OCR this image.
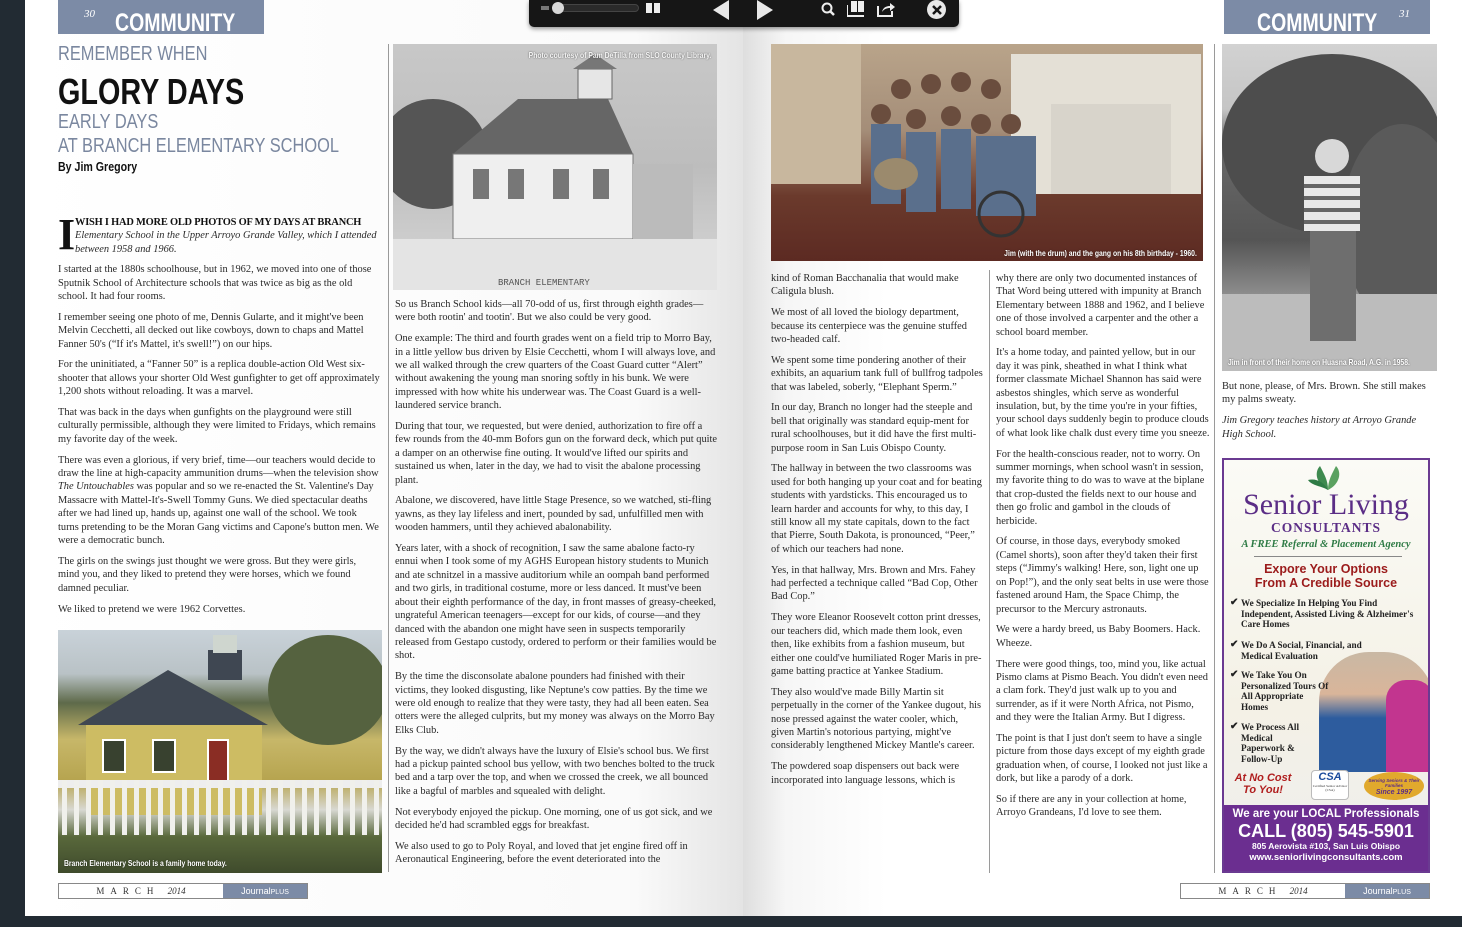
30 COMMUNITY
REMEMBER WHEN
GLORY DAYS
EARLY DAYS
AT BRANCH ELEMENTARY SCHOOL
By Jim Gregory
I WISH I HAD MORE OLD PHOTOS OF MY DAYS AT BRANCH Elementary School in the Upper Arroyo Grande Valley, which I attended between 1958 and 1966.

I started at the 1880s schoolhouse, but in 1962, we moved into one of those Sputnik School of Architecture schools that was twice as big as the old school. It had four rooms.

I remember seeing one photo of me, Dennis Gularte, and it might've been Melvin Cecchetti, all decked out like cowboys, down to chaps and Mattel Fanner 50's (“If it's Mattel, it's swell!”) on our hips.

For the uninitiated, a “Fanner 50” is a replica double-action Old West six-shooter that allows your shorter Old West gunfighter to get off approximately 1,200 shots without reloading. It was a marvel.

That was back in the days when gunfights on the playground were still culturally permissible, although they were limited to Fridays, which remains my favorite day of the week.

There was even a glorious, if very brief, time—our teachers would decide to draw the line at high-capacity ammunition drums—when the television show The Untouchables was popular and so we re-enacted the St. Valentine's Day Massacre with Mattel-It's-Swell Tommy Guns. We died spectacular deaths after we had lined up, hands up, against one wall of the school. We took turns pretending to be the Moran Gang victims and Capone's button men. We were a democratic bunch.

The girls on the swings just thought we were gross. But they were girls, mind you, and they liked to pretend they were horses, which we found damned peculiar.

We liked to pretend we were 1962 Corvettes.

Branch Elementary School is a family home today.
Photo courtesy of Pam DeTilla from SLO County Library.
BRANCH ELEMENTARY

So us Branch School kids—all 70-odd of us, first through eighth grades—were both rootin' and tootin'. But we also could be very good.

One example: The third and fourth grades went on a field trip to Morro Bay, in a little yellow bus driven by Elsie Cecchetti, whom I will always love, and we all walked through the crew quarters of the Coast Guard cutter “Alert” without awakening the young man snoring softly in his bunk. We were impressed with how white his underwear was. The Coast Guard is a well-laundered service branch.

During that tour, we requested, but were denied, authorization to fire off a few rounds from the 40-mm Bofors gun on the forward deck, which put quite a damper on an otherwise fine outing. It would've lifted our spirits and sustained us when, later in the day, we had to visit the abalone processing plant.

Abalone, we discovered, have little Stage Presence, so we watched, sti-fling yawns, as they lay lifeless and inert, pounded by sad, unfulfilled men with wooden hammers, until they achieved abalonability.

Years later, with a shock of recognition, I saw the same abalone facto-ry ennui when I took some of my AGHS European history students to Munich and ate schnitzel in a massive auditorium while an oompah band performed and two girls, in traditional costume, more or less danced. It must've been about their eighth performance of the day, in front masses of greasy-cheeked, ungrateful American teenagers—except for our kids, of course—and they danced with the abandon one might have seen in suspects temporarily released from Gestapo custody, ordered to perform or their families would be shot.

By the time the disconsolate abalone pounders had finished with their victims, they looked disgusting, like Neptune's cow patties. By the time we were old enough to realize that they were tasty, they had all been eaten. Sea otters were the alleged culprits, but my money was always on the Morro Bay Elks Club.

By the way, we didn't always have the luxury of Elsie's school bus. We first had a pickup painted school bus yellow, with two benches bolted to the truck bed and a tarp over the top, and when we crossed the creek, we all bounced like a bagful of marbles and squealed with delight.

Not everybody enjoyed the pickup. One morning, one of us got sick, and we decided he'd had scrambled eggs for breakfast.

We also used to go to Poly Royal, and loved that jet engine fired off in Aeronautical Engineering, before the event deteriorated into the

MARCH 2014	JournalPLUS
Jim (with the drum) and the gang on his 8th birthday - 1960.

kind of Roman Bacchanalia that would make Caligula blush.

We most of all loved the biology department, because its centerpiece was the genuine stuffed two-headed calf.

We spent some time pondering another of their exhibits, an aquarium tank full of bullfrog tadpoles that was labeled, soberly, “Elephant Sperm.”

In our day, Branch no longer had the steeple and bell that originally was standard equip-ment for rural schoolhouses, but it did have the first multi-purpose room in San Luis Obispo County.

The hallway in between the two classrooms was used for both hanging up your coat and for beating students with yardsticks. This encouraged us to learn harder and accounts for why, to this day, I still know all my state capitals, down to the fact that Pierre, South Dakota, is pronounced, “Peer,” of which our teachers had none.

Yes, in that hallway, Mrs. Brown and Mrs. Fahey had perfected a technique called “Bad Cop, Other Bad Cop.”

They wore Eleanor Roosevelt cotton print dresses, our teachers did, which made them look, even then, like exhibits from a fashion museum, but either one could've humiliated Roger Maris in pre-game batting practice at Yankee Stadium.

They also would've made Billy Martin sit perpetually in the corner of the Yankee dugout, his nose pressed against the water cooler, which, given Martin's notorious partying, might've considerably lengthened Mickey Mantle's career.

The powdered soap dispensers out back were incorporated into language lessons, which is

why there are only two documented instances of That Word being uttered with impunity at Branch Elementary between 1888 and 1962, and I believe one of those involved a carpenter and the other a school board member.

It's a home today, and painted yellow, but in our day it was pink, sheathed in what I think what former classmate Michael Shannon has said were asbestos shingles, which serve as wonderful insulation, but, by the time you're in your fifties, your school days suddenly begin to produce clouds of what look like chalk dust every time you sneeze.

For the health-conscious reader, not to worry. On summer mornings, when school wasn't in session, my favorite thing to do was to wave at the biplane that crop-dusted the fields next to our house and then go frolic and gambol in the clouds of herbicide.

Of course, in those days, everybody smoked (Camel shorts), soon after they'd taken their first steps (“Jimmy's walking! Here, son, light one up on Pop!”), and the only seat belts in use were those fastened around Ham, the Space Chimp, the precursor to the Mercury astronauts.

We were a hardy breed, us Baby Boomers. Hack. Wheeze.

There were good things, too, mind you, like actual Pismo clams at Pismo Beach. You didn't even need a clam fork. They'd just walk up to you and surrender, as if it were North Africa, not Pismo, and they were the Italian Army. But I digress.

The point is that I just don't seem to have a single picture from those days except of my eighth grade graduation when, of course, I looked not just like a dork, but like a parody of a dork.

So if there are any in your collection at home, Arroyo Grandeans, I'd love to see them.

COMMUNITY 31
Jim in front of their home on Huasna Road, A.G. in 1958.

But none, please, of Mrs. Brown. She still makes my palms sweaty.

Jim Gregory teaches history at Arroyo Grande High School.

Senior Living
CONSULTANTS
A FREE Referral & Placement Agency
Expore Your Options
From A Credible Source
✔ We Specialize In Helping You Find Independent, Assisted Living & Alzheimer's Care Homes
✔ We Do A Social, Financial, and Medical Evaluation
✔ We Take You On Personalized Tours Of All Appropriate Homes
✔ We Process All Medical Paperwork & Follow-Up
At No Cost
To You!
CSA
Certified Senior Advisor (CSA)
Serving Seniors & Their Families
Since 1997
We are your LOCAL Professionals
CALL (805) 545-5901
805 Aerovista #103, San Luis Obispo
www.seniorlivingconsultants.com
MARCH 2014	JournalPLUS
